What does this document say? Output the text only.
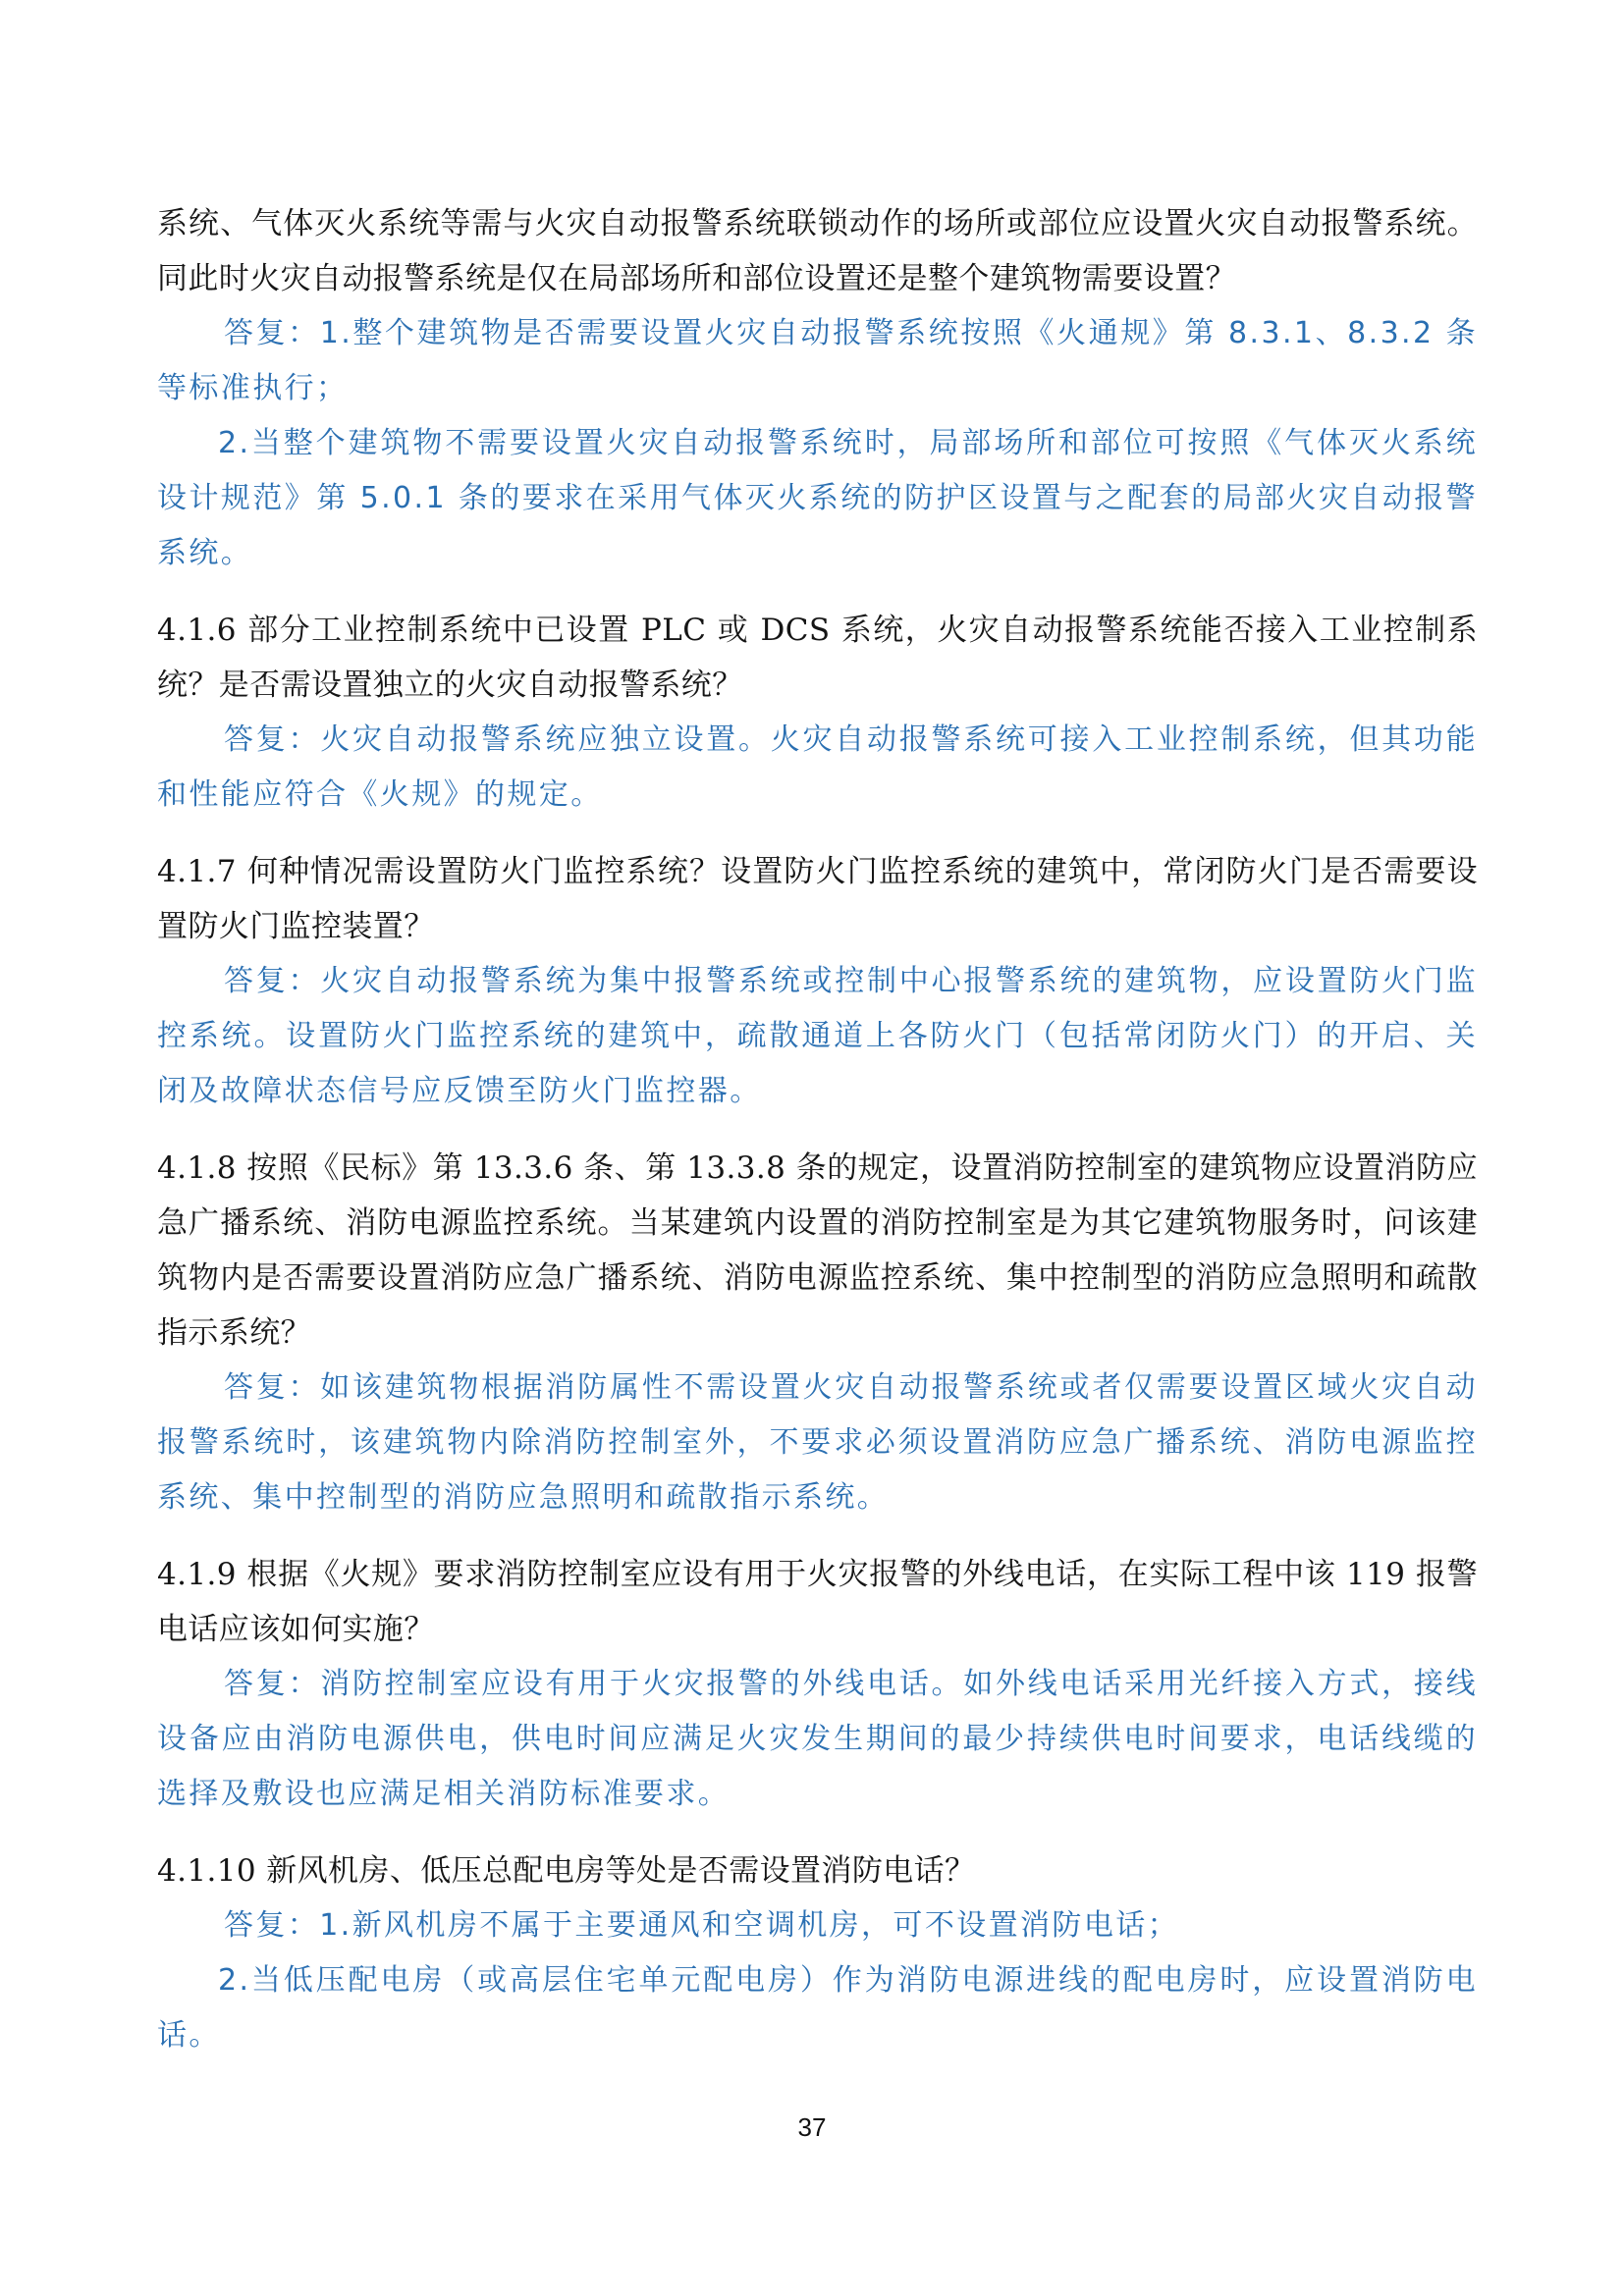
系统、气体灭火系统等需与火灾自动报警系统联锁动作的场所或部位应设置火灾自动报警系统。同此时火灾自动报警系统是仅在局部场所和部位设置还是整个建筑物需要设置？

答复：1.整个建筑物是否需要设置火灾自动报警系统按照《火通规》第 8.3.1、8.3.2 条等标准执行；

2.当整个建筑物不需要设置火灾自动报警系统时，局部场所和部位可按照《气体灭火系统设计规范》第 5.0.1 条的要求在采用气体灭火系统的防护区设置与之配套的局部火灾自动报警系统。

4.1.6 部分工业控制系统中已设置 PLC 或 DCS 系统，火灾自动报警系统能否接入工业控制系统？是否需设置独立的火灾自动报警系统？

答复：火灾自动报警系统应独立设置。火灾自动报警系统可接入工业控制系统，但其功能和性能应符合《火规》的规定。

4.1.7 何种情况需设置防火门监控系统？设置防火门监控系统的建筑中，常闭防火门是否需要设置防火门监控装置？

答复：火灾自动报警系统为集中报警系统或控制中心报警系统的建筑物，应设置防火门监控系统。设置防火门监控系统的建筑中，疏散通道上各防火门（包括常闭防火门）的开启、关闭及故障状态信号应反馈至防火门监控器。

4.1.8 按照《民标》第 13.3.6 条、第 13.3.8 条的规定，设置消防控制室的建筑物应设置消防应急广播系统、消防电源监控系统。当某建筑内设置的消防控制室是为其它建筑物服务时，问该建筑物内是否需要设置消防应急广播系统、消防电源监控系统、集中控制型的消防应急照明和疏散指示系统？

答复：如该建筑物根据消防属性不需设置火灾自动报警系统或者仅需要设置区域火灾自动报警系统时，该建筑物内除消防控制室外，不要求必须设置消防应急广播系统、消防电源监控系统、集中控制型的消防应急照明和疏散指示系统。

4.1.9 根据《火规》要求消防控制室应设有用于火灾报警的外线电话，在实际工程中该 119 报警电话应该如何实施？

答复：消防控制室应设有用于火灾报警的外线电话。如外线电话采用光纤接入方式，接线设备应由消防电源供电，供电时间应满足火灾发生期间的最少持续供电时间要求，电话线缆的选择及敷设也应满足相关消防标准要求。

4.1.10 新风机房、低压总配电房等处是否需设置消防电话？

答复：1.新风机房不属于主要通风和空调机房，可不设置消防电话；

2.当低压配电房（或高层住宅单元配电房）作为消防电源进线的配电房时，应设置消防电话。

37
